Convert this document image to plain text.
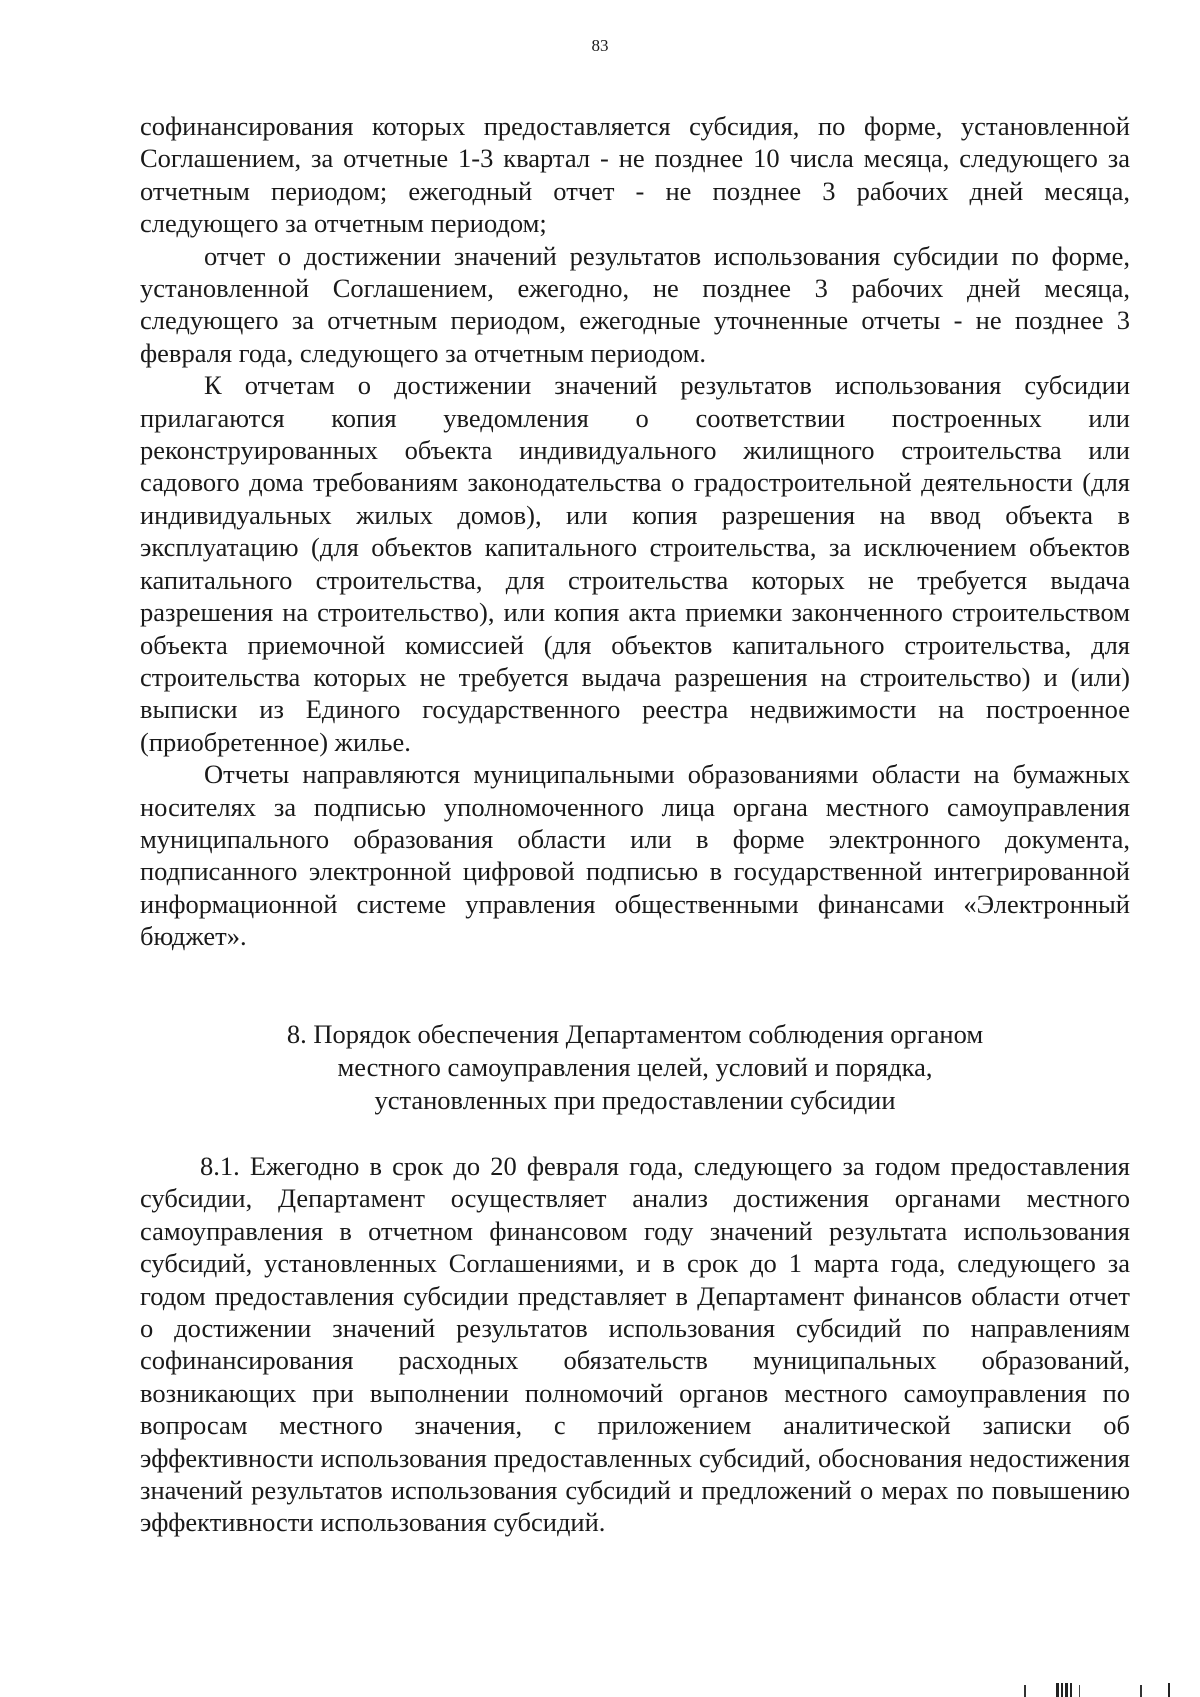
83

софинансирования которых предоставляется субсидия, по форме, установленной Соглашением, за отчетные 1-3 квартал - не позднее 10 числа месяца, следующего за отчетным периодом; ежегодный отчет - не позднее 3 рабочих дней месяца, следующего за отчетным периодом;

отчет о достижении значений результатов использования субсидии по форме, установленной Соглашением, ежегодно, не позднее 3 рабочих дней месяца, следующего за отчетным периодом, ежегодные уточненные отчеты - не позднее 3 февраля года, следующего за отчетным периодом.

К отчетам о достижении значений результатов использования субсидии прилагаются копия уведомления о соответствии построенных или реконструированных объекта индивидуального жилищного строительства или садового дома требованиям законодательства о градостроительной деятельности (для индивидуальных жилых домов), или копия разрешения на ввод объекта в эксплуатацию (для объектов капитального строительства, за исключением объектов капитального строительства, для строительства которых не требуется выдача разрешения на строительство), или копия акта приемки законченного строительством объекта приемочной комиссией (для объектов капитального строительства, для строительства которых не требуется выдача разрешения на строительство) и (или) выписки из Единого государственного реестра недвижимости на построенное (приобретенное) жилье.

Отчеты направляются муниципальными образованиями области на бумажных носителях за подписью уполномоченного лица органа местного самоуправления муниципального образования области или в форме электронного документа, подписанного электронной цифровой подписью в государственной интегрированной информационной системе управления общественными финансами «Электронный бюджет».

8. Порядок обеспечения Департаментом соблюдения органом
местного самоуправления целей, условий и порядка,
установленных при предоставлении субсидии

8.1. Ежегодно в срок до 20 февраля года, следующего за годом предоставления субсидии, Департамент осуществляет анализ достижения органами местного самоуправления в отчетном финансовом году значений результата использования субсидий, установленных Соглашениями, и в срок до 1 марта года, следующего за годом предоставления субсидии представляет в Департамент финансов области отчет о достижении значений результатов использования субсидий по направлениям софинансирования расходных обязательств муниципальных образований, возникающих при выполнении полномочий органов местного самоуправления по вопросам местного значения, с приложением аналитической записки об эффективности использования предоставленных субсидий, обоснования недостижения значений результатов использования субсидий и предложений о мерах по повышению эффективности использования субсидий.
